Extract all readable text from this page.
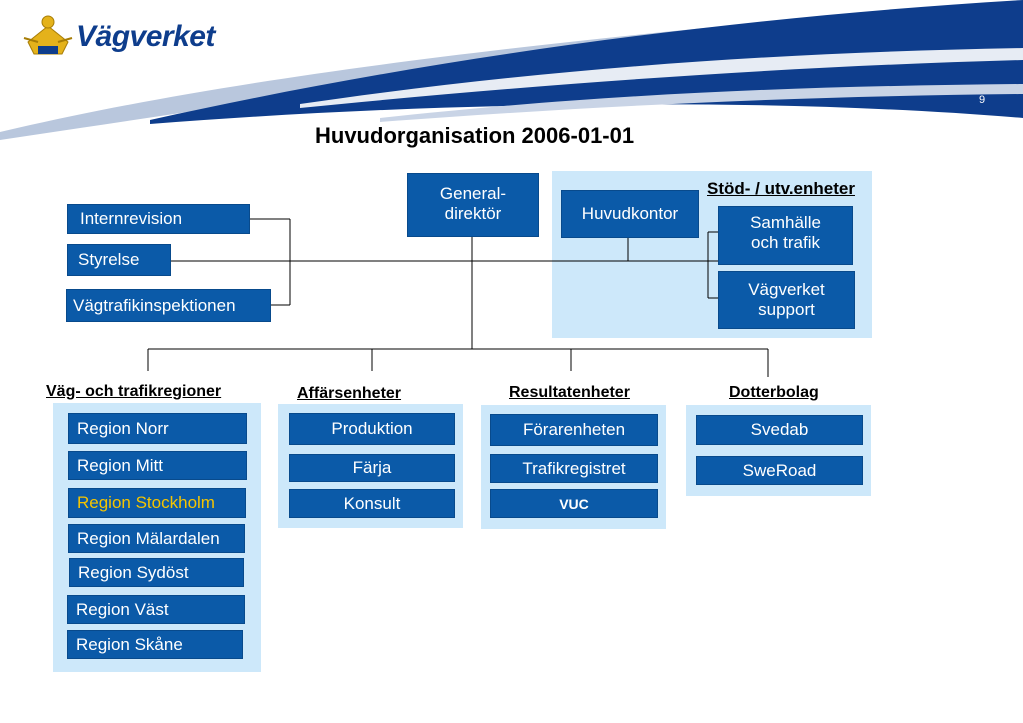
Vägverket
9
Huvudorganisation 2006-01-01
General-
direktör	Huvudkontor
Stöd- / utv.enheter
Samhälle
och trafik
Vägverket
support
Internrevision
Styrelse
Vägtrafikinspektionen
Väg- och trafikregioner	Affärsenheter	Resultatenheter	Dotterbolag
Region Norr
Region Mitt
Region Stockholm
Region Mälardalen
Region Sydöst
Region Väst
Region Skåne
Produktion
Färja
Konsult
Förarenheten
Trafikregistret
VUC
Svedab
SweRoad
